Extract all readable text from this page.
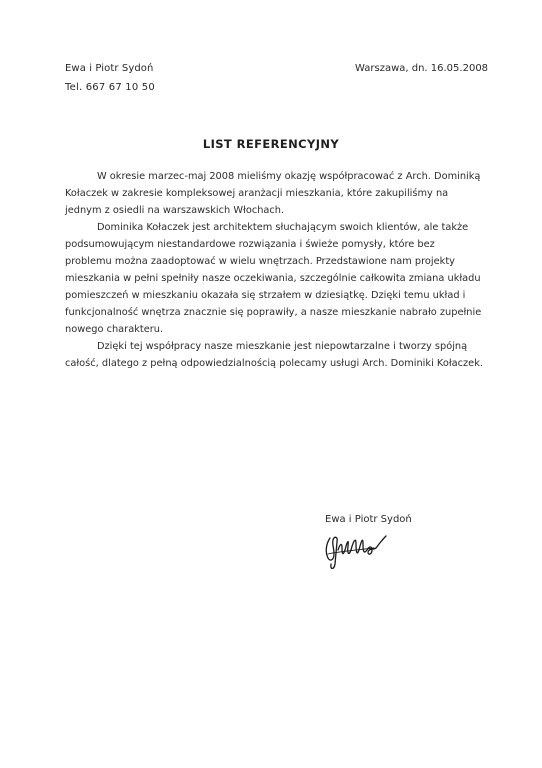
Ewa i Piotr Sydoń
Tel. 667 67 10 50
Warszawa, dn. 16.05.2008
LIST REFERENCYJNY

W okresie marzec-maj 2008 mieliśmy okazję współpracować z Arch. Dominiką Kołaczek w zakresie kompleksowej aranżacji mieszkania, które zakupiliśmy na jednym z osiedli na warszawskich Włochach.

Dominika Kołaczek jest architektem słuchającym swoich klientów, ale także podsumowującym niestandardowe rozwiązania i świeże pomysły, które bez problemu można zaadoptować w wielu wnętrzach. Przedstawione nam projekty mieszkania w pełni spełniły nasze oczekiwania, szczególnie całkowita zmiana układu pomieszczeń w mieszkaniu okazała się strzałem w dziesiątkę. Dzięki temu układ i funkcjonalność wnętrza znacznie się poprawiły, a nasze mieszkanie nabrało zupełnie nowego charakteru.

Dzięki tej współpracy nasze mieszkanie jest niepowtarzalne i tworzy spójną całość, dlatego z pełną odpowiedzialnością polecamy usługi Arch. Dominiki Kołaczek.

Ewa i Piotr Sydoń
